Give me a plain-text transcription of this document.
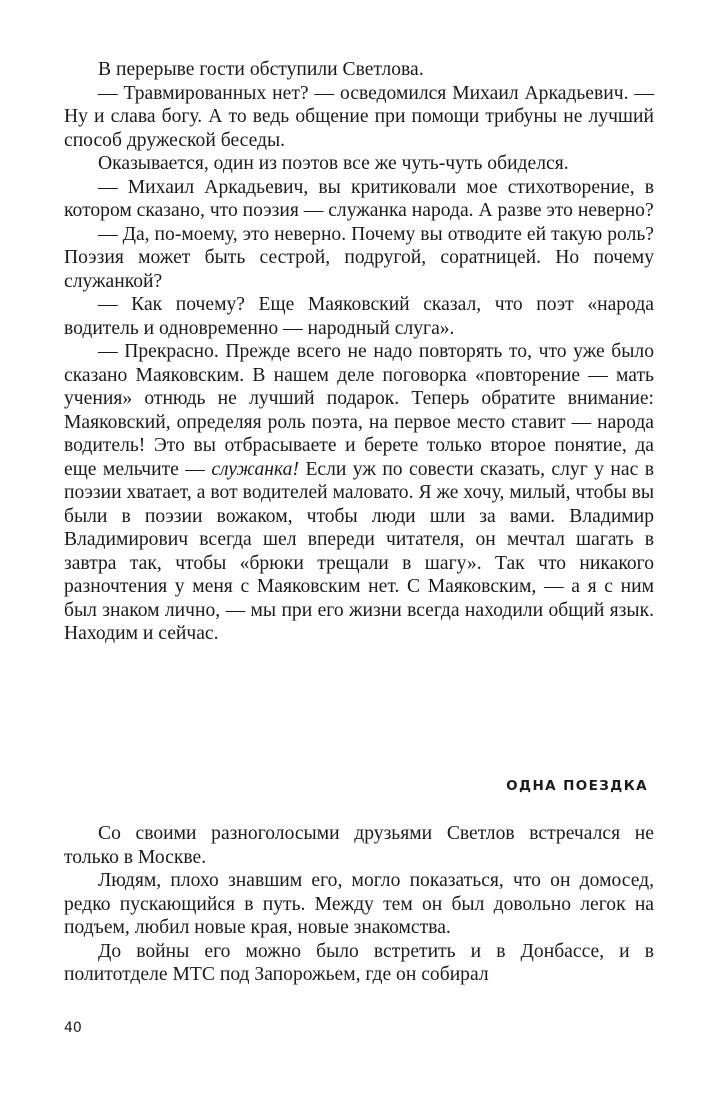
В перерыве гости обступили Светлова.

— Травмированных нет? — осведомился Михаил Аркадьевич. — Ну и слава богу. А то ведь общение при помощи трибуны не лучший способ дружеской беседы.

Оказывается, один из поэтов все же чуть-чуть обиделся.

— Михаил Аркадьевич, вы критиковали мое стихотворение, в котором сказано, что поэзия — служанка народа. А разве это неверно?

— Да, по-моему, это неверно. Почему вы отводите ей такую роль? Поэзия может быть сестрой, подругой, соратницей. Но почему служанкой?

— Как почему? Еще Маяковский сказал, что поэт «народа водитель и одновременно — народный слуга».

— Прекрасно. Прежде всего не надо повторять то, что уже было сказано Маяковским. В нашем деле поговорка «повторение — мать учения» отнюдь не лучший подарок. Теперь обратите внимание: Маяковский, определяя роль поэта, на первое место ставит — народа водитель! Это вы отбрасываете и берете только второе понятие, да еще мельчите — служанка! Если уж по совести сказать, слуг у нас в поэзии хватает, а вот водителей маловато. Я же хочу, милый, чтобы вы были в поэзии вожаком, чтобы люди шли за вами. Владимир Владимирович всегда шел впереди читателя, он мечтал шагать в завтра так, чтобы «брюки трещали в шагу». Так что никакого разночтения у меня с Маяковским нет. С Маяковским, — а я с ним был знаком лично, — мы при его жизни всегда находили общий язык. Находим и сейчас.

ОДНА ПОЕЗДКА

Со своими разноголосыми друзьями Светлов встречался не только в Москве.

Людям, плохо знавшим его, могло показаться, что он домосед, редко пускающийся в путь. Между тем он был довольно легок на подъем, любил новые края, новые знакомства.

До войны его можно было встретить и в Донбассе, и в политотделе МТС под Запорожьем, где он собирал

40
